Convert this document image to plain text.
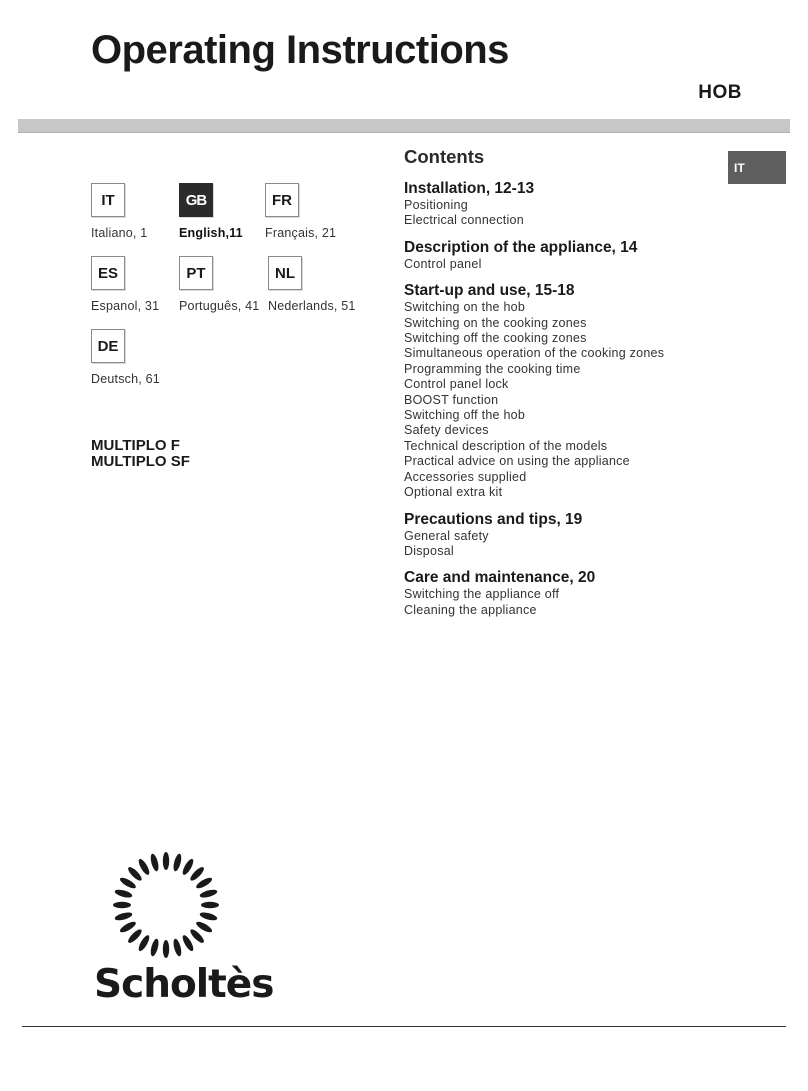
Operating Instructions
HOB
IT
IT
Italiano, 1
GB
English,11
FR
Français, 21
ES
Espanol, 31
PT
Português, 41
NL
Nederlands, 51
DE
Deutsch, 61
MULTIPLO F
MULTIPLO SF
Contents
Installation, 12-13
Positioning
Electrical connection
Description of the appliance, 14
Control panel
Start-up and use, 15-18
Switching on the hob
Switching on the cooking zones
Switching off the cooking zones
Simultaneous operation of the cooking zones
Programming the cooking time
Control panel lock
BOOST function
Switching off the hob
Safety devices
Technical description of the models
Practical advice on using the appliance
Accessories supplied
Optional extra kit
Precautions and tips, 19
General safety
Disposal
Care and maintenance, 20
Switching the appliance off
Cleaning the appliance
Scholtès
